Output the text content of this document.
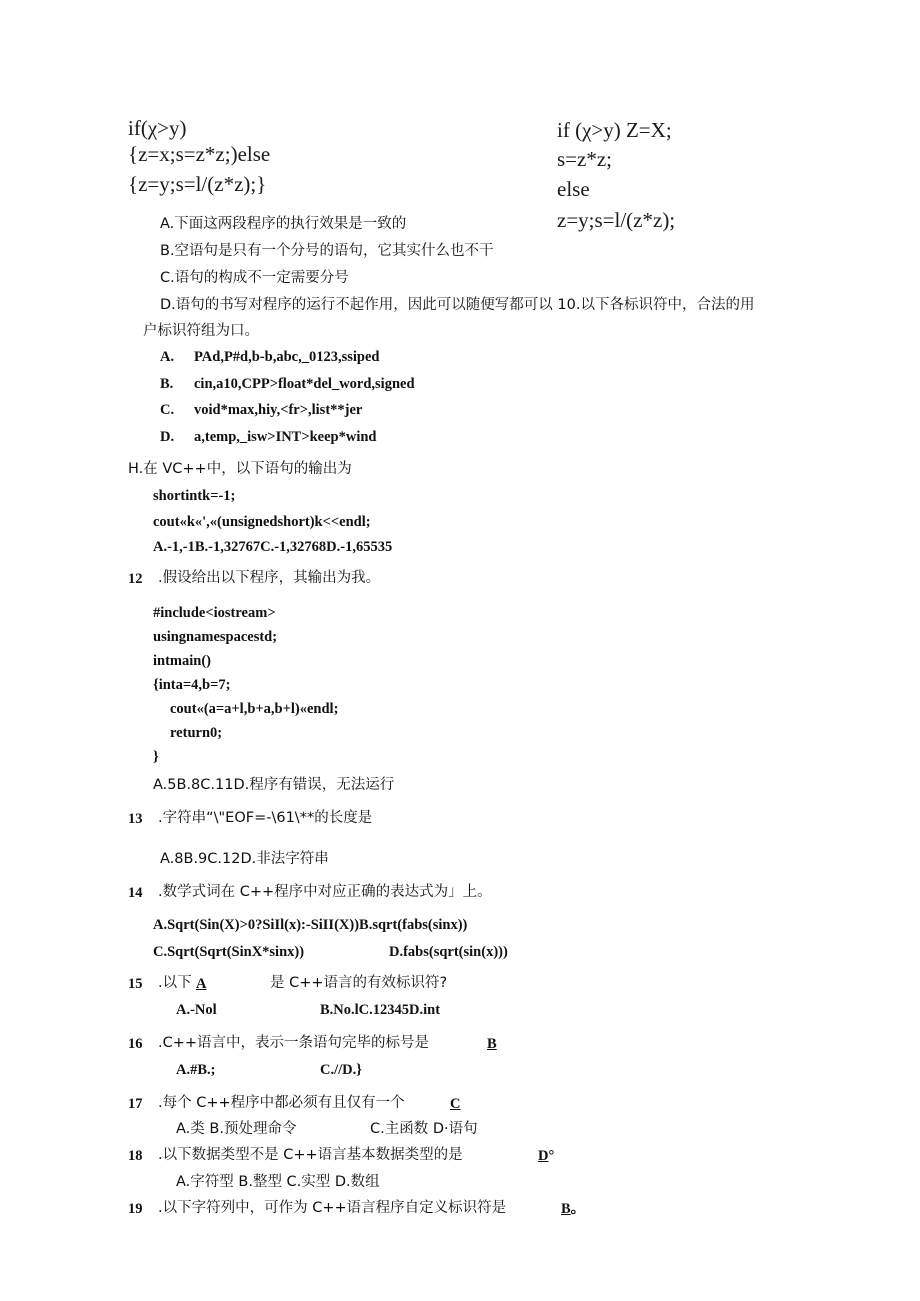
if(χ>y)
{z=x;s=z*z;)else
{z=y;s=l/(z*z);}
if (χ>y) Z=X;
s=z*z;
else
z=y;s=l/(z*z);
A.下面这两段程序的执行效果是一致的
B.空语句是只有一个分号的语句，它其实什么也不干
C.语句的构成不一定需要分号
D.语句的书写对程序的运行不起作用，因此可以随便写都可以 10.以下各标识符中，合法的用
户标识符组为口。
A. PAd,P#d,b-b,abc,_0123,ssiped
B. cin,a10,CPP>float*del_word,signed
C. void*max,hiy,<fr>,list**jer
D. a,temp,_isw>INT>keep*wind
H.在 VC++中，以下语句的输出为
shortintk=-1;
cout«k«',«(unsignedshort)k<<endl;
A.-1,-1B.-1,32767C.-1,32768D.-1,65535
12 .假设给出以下程序，其输出为我。
#include<iostream>
usingnamespacestd;
intmain()
{inta=4,b=7;
cout«(a=a+l,b+a,b+l)«endl;
return0;
}
A.5B.8C.11D.程序有错误，无法运行
13 .字符串“\"EOF=-\61\**的长度是
A.8B.9C.12D.非法字符串
14 .数学式词在 C++程序中对应正确的表达式为」上。
A.Sqrt(Sin(X)>0?SiIl(x):-SiII(X))B.sqrt(fabs(sinx))
C.Sqrt(Sqrt(SinX*sinx))	D.fabs(sqrt(sin(x)))
15 .以下 A	是 C++语言的有效标识符?
A.-Nol	B.No.lC.12345D.int
16 .C++语言中，表示一条语句完毕的标号是	B
A.#B.;	C.//D.}
17 .每个 C++程序中都必须有且仅有一个	C
A.类 B.预处理命令	C.主函数 D·语句
18 .以下数据类型不是 C++语言基本数据类型的是	D°
A.字符型 B.整型 C.实型 D.数组
19 .以下字符列中，可作为 C++语言程序自定义标识符是	B。
